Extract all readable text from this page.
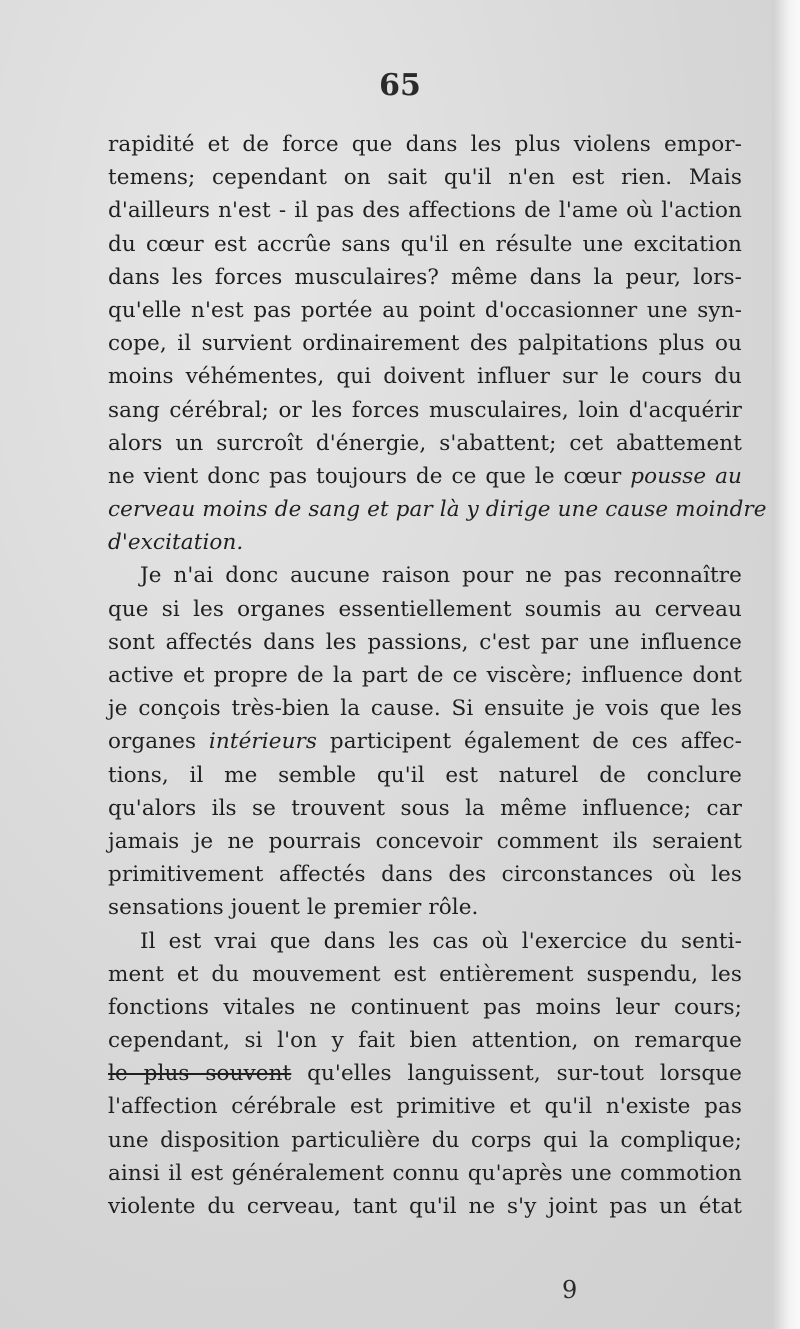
65
rapidité et de force que dans les plus violens empor-
temens; cependant on sait qu'il n'en est rien. Mais
d'ailleurs n'est - il pas des affections de l'ame où l'action
du cœur est accrûe sans qu'il en résulte une excitation
dans les forces musculaires? même dans la peur, lors-
qu'elle n'est pas portée au point d'occasionner une syn-
cope, il survient ordinairement des palpitations plus ou
moins véhémentes, qui doivent influer sur le cours du
sang cérébral; or les forces musculaires, loin d'acquérir
alors un surcroît d'énergie, s'abattent; cet abattement
ne vient donc pas toujours de ce que le cœur pousse au
cerveau moins de sang et par là y dirige une cause moindre
d'excitation.
Je n'ai donc aucune raison pour ne pas reconnaître
que si les organes essentiellement soumis au cerveau
sont affectés dans les passions, c'est par une influence
active et propre de la part de ce viscère; influence dont
je conçois très-bien la cause. Si ensuite je vois que les
organes intérieurs participent également de ces affec-
tions, il me semble qu'il est naturel de conclure
qu'alors ils se trouvent sous la même influence; car
jamais je ne pourrais concevoir comment ils seraient
primitivement affectés dans des circonstances où les
sensations jouent le premier rôle.
Il est vrai que dans les cas où l'exercice du senti-
ment et du mouvement est entièrement suspendu, les
fonctions vitales ne continuent pas moins leur cours;
cependant, si l'on y fait bien attention, on remarque
le plus souvent qu'elles languissent, sur-tout lorsque
l'affection cérébrale est primitive et qu'il n'existe pas
une disposition particulière du corps qui la complique;
ainsi il est généralement connu qu'après une commotion
violente du cerveau, tant qu'il ne s'y joint pas un état
9
